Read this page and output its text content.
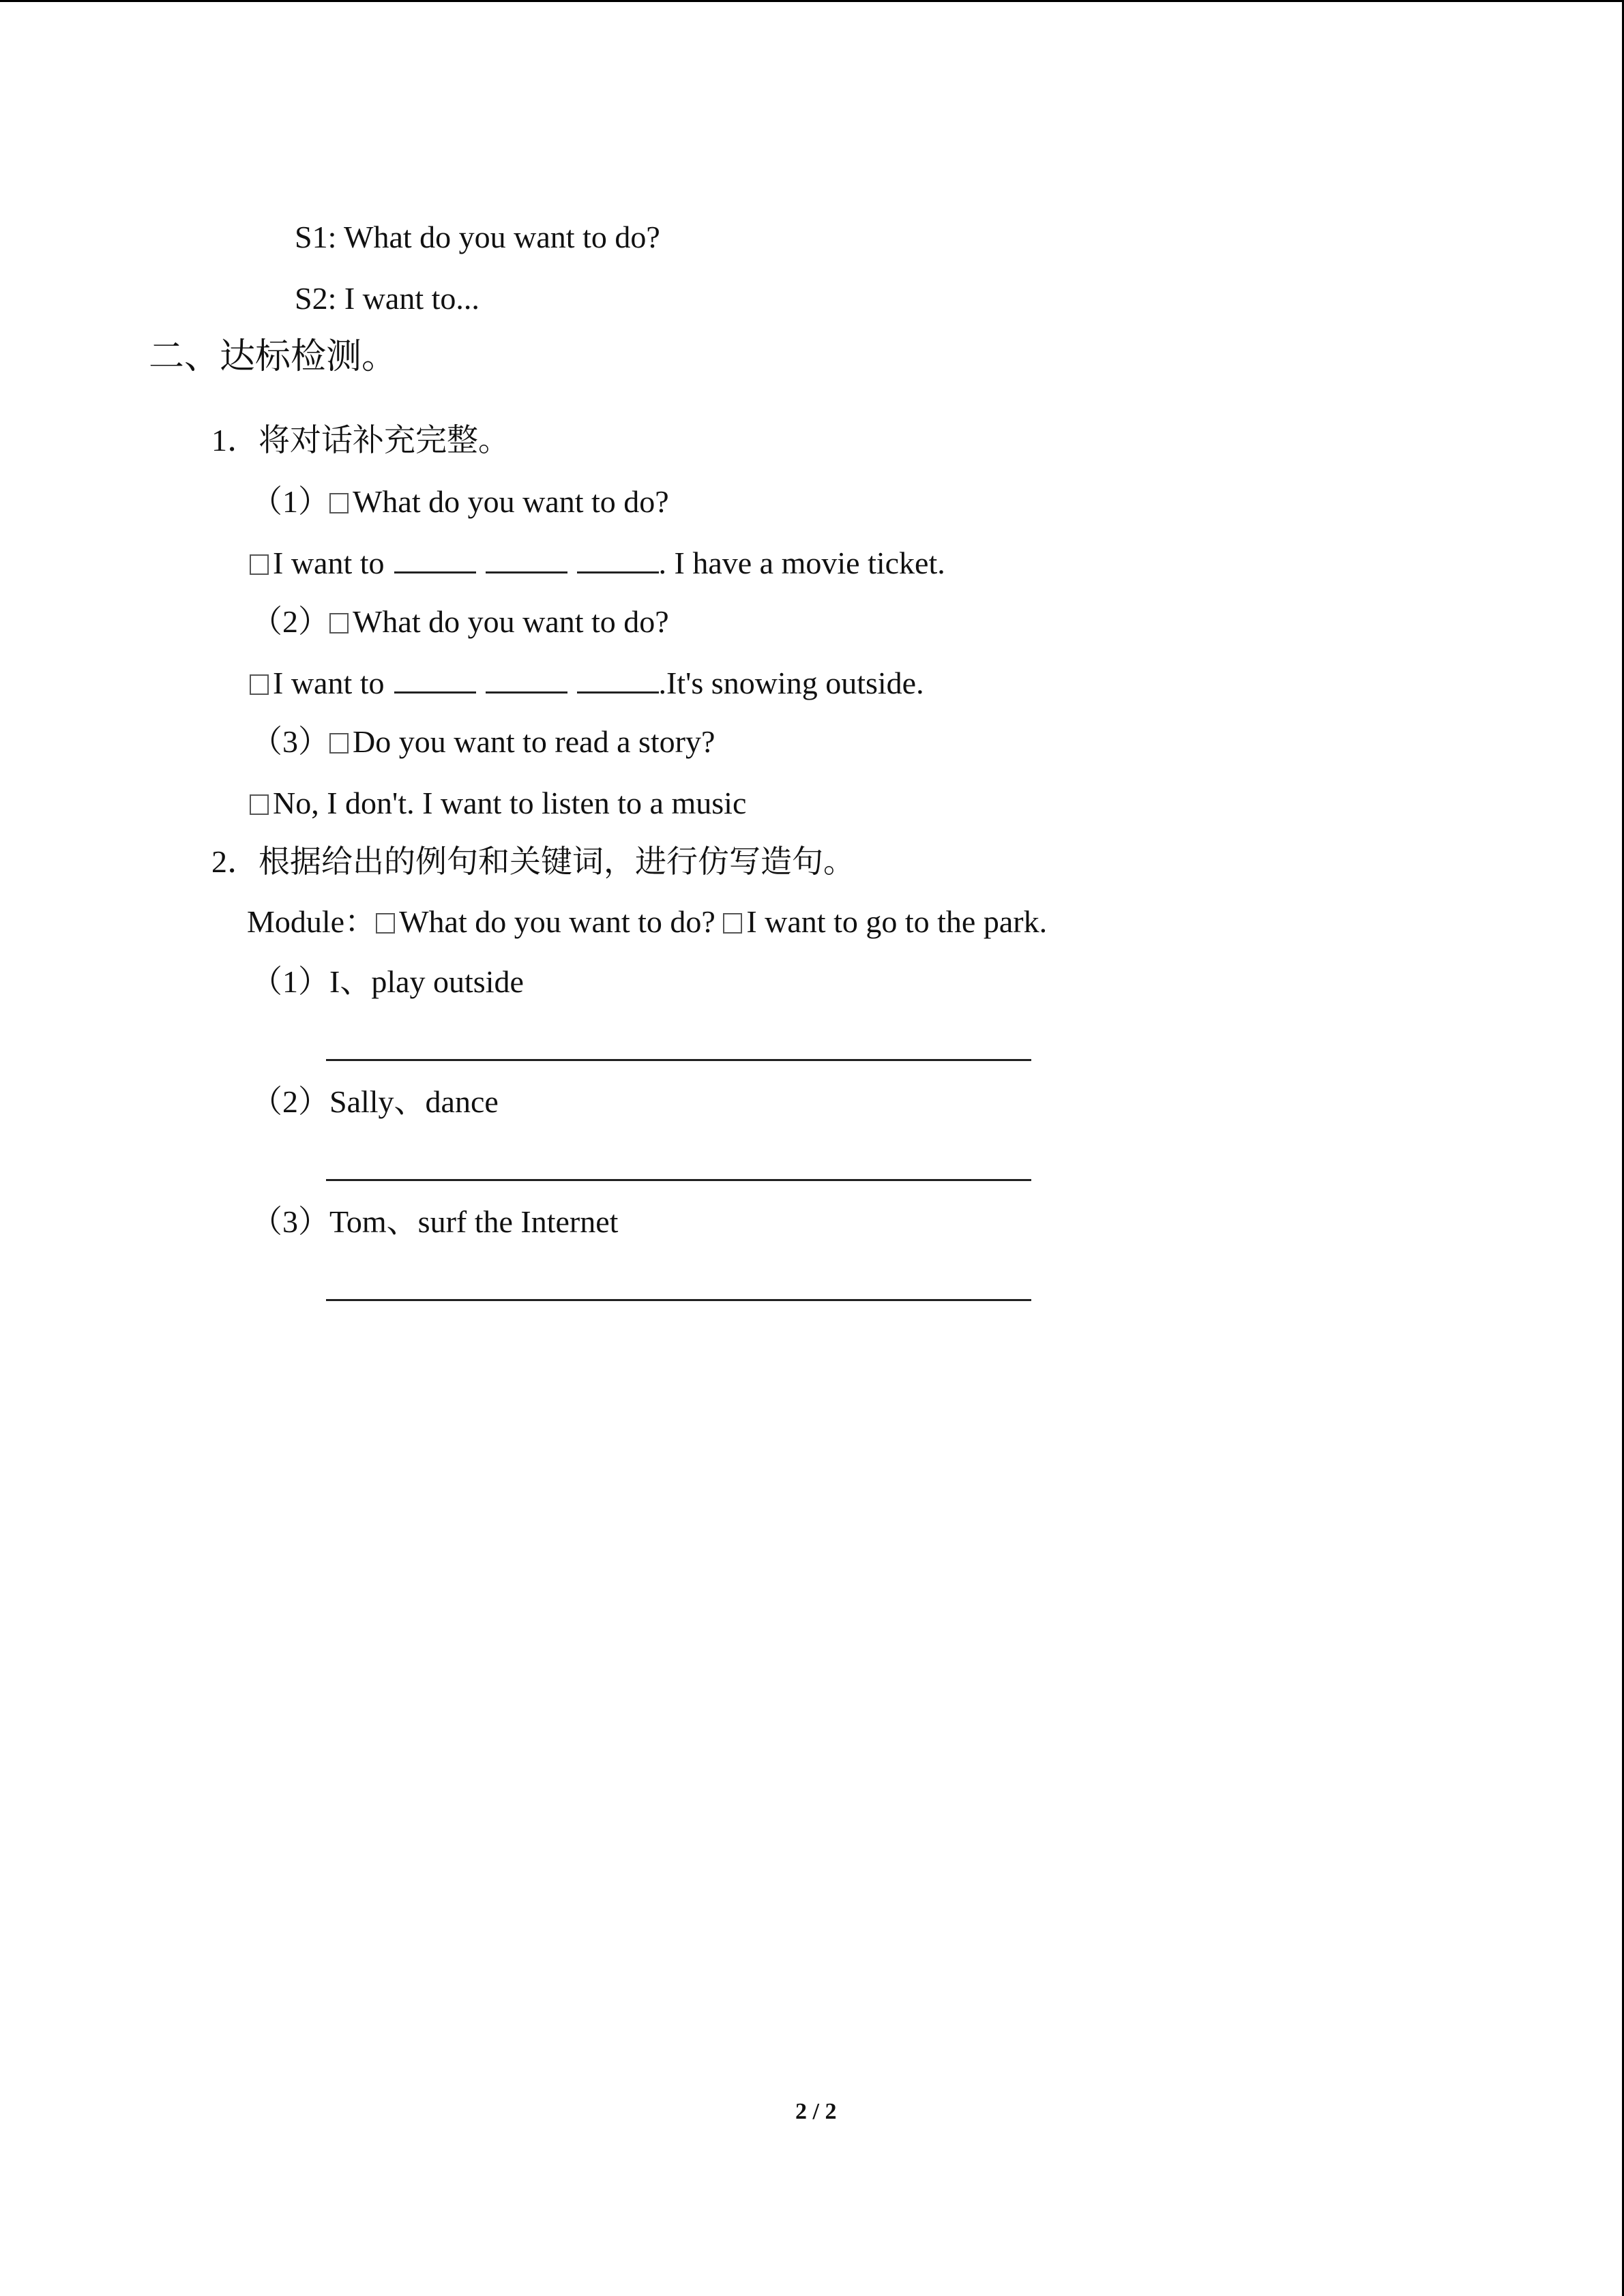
S1: What do you want to do?
S2: I want to...
二、达标检测。
1．将对话补充完整。
（1） What do you want to do?
I want to	. I have a movie ticket.
（2） What do you want to do?
I want to	.It's snowing outside.
（3） Do you want to read a story?
No, I don't. I want to listen to a music
2．根据给出的例句和关键词，进行仿写造句。
Module： What do you want to do? I want to go to the park.
（1）I、play outside
（2）Sally、dance
（3）Tom、surf the Internet
2 / 2
